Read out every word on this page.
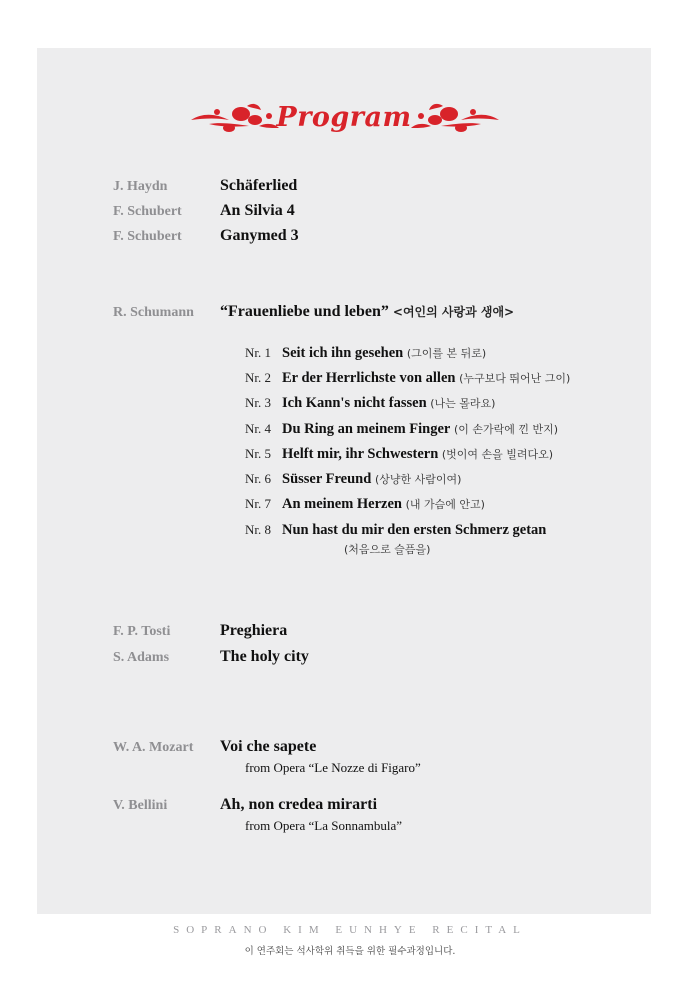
Program
J. Haydn	Schäferlied
F. Schubert An Silvia 4
F. Schubert Ganymed 3
R. Schumann “Frauenliebe und leben” <여인의 사랑과 생애>
Nr. 1 Seit ich ihn gesehen (그이를 본 뒤로)
Nr. 2 Er der Herrlichste von allen (누구보다 뛰어난 그이)
Nr. 3 Ich Kann's nicht fassen (나는 몰라요)
Nr. 4 Du Ring an meinem Finger (이 손가락에 낀 반지)
Nr. 5 Helft mir, ihr Schwestern (벗이여 손을 빌려다오)
Nr. 6 Süsser Freund (상냥한 사람이여)
Nr. 7 An meinem Herzen (내 가슴에 안고)
Nr. 8 Nun hast du mir den ersten Schmerz getan
(처음으로 슬픔을)
F. P. Tosti	Preghiera
S. Adams	The holy city
W. A. Mozart Voi che sapete
from Opera “Le Nozze di Figaro”
V. Bellini	Ah, non credea mirarti
from Opera “La Sonnambula”
SOPRANO KIM EUNHYE RECITAL
이 연주회는 석사학위 취득을 위한 필수과정입니다.
